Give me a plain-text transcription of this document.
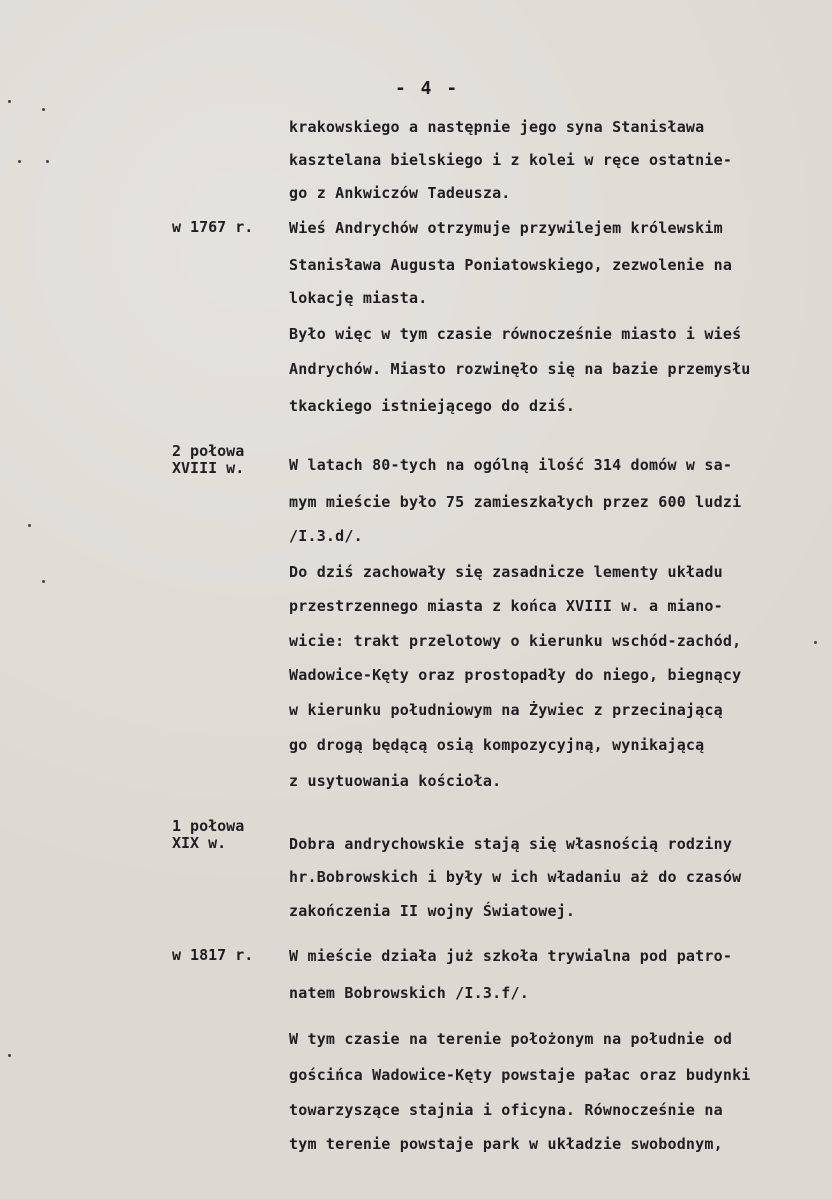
- 4 -
w 1767 r.
2 połowa
XVIII w.
1 połowa
XIX w.
w 1817 r.
krakowskiego a następnie jego syna Stanisława
kasztelana bielskiego i z kolei w ręce ostatnie-
go z Ankwiczów Tadeusza.
Wieś Andrychów otrzymuje przywilejem królewskim
Stanisława Augusta Poniatowskiego, zezwolenie na
lokację miasta.
Było więc w tym czasie równocześnie miasto i wieś
Andrychów. Miasto rozwinęło się na bazie przemysłu
tkackiego istniejącego do dziś.
W latach 80-tych na ogólną ilość 314 domów w sa-
mym mieście było 75 zamieszkałych przez 600 ludzi
/I.3.d/.
Do dziś zachowały się zasadnicze lementy układu
przestrzennego miasta z końca XVIII w. a miano-
wicie: trakt przelotowy o kierunku wschód-zachód,
Wadowice-Kęty oraz prostopadły do niego, biegnący
w kierunku południowym na Żywiec z przecinającą
go drogą będącą osią kompozycyjną, wynikającą
z usytuowania kościoła.
Dobra andrychowskie stają się własnością rodziny
hr.Bobrowskich i były w ich władaniu aż do czasów
zakończenia II wojny Światowej.
W mieście działa już szkoła trywialna pod patro-
natem Bobrowskich /I.3.f/.
W tym czasie na terenie położonym na południe od
gościńca Wadowice-Kęty powstaje pałac oraz budynki
towarzyszące stajnia i oficyna. Równocześnie na
tym terenie powstaje park w układzie swobodnym,
